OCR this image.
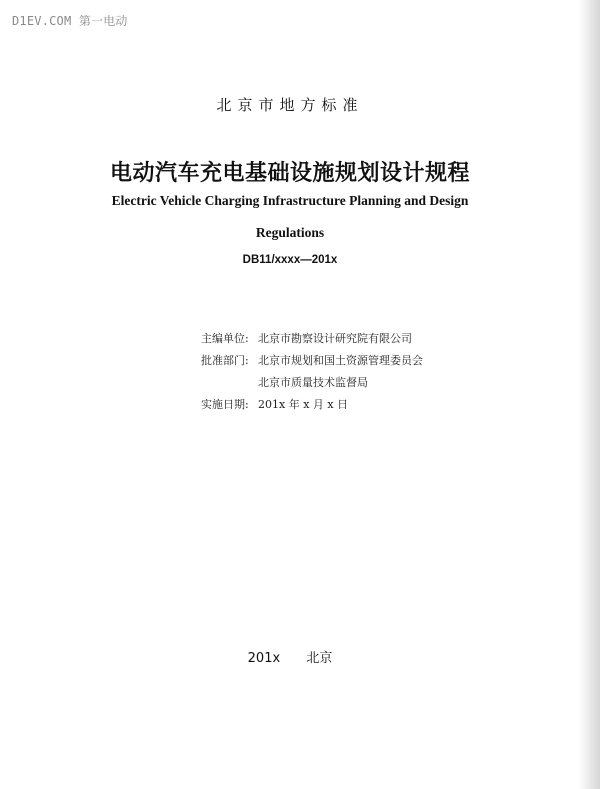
D1EV.COM 第一电动
北京市地方标准
电动汽车充电基础设施规划设计规程
Electric Vehicle Charging Infrastructure Planning and Design
Regulations
DB11/xxxx—201x
主编单位: 北京市勘察设计研究院有限公司
批准部门: 北京市规划和国土资源管理委员会
北京市质量技术监督局
实施日期: 201x 年 x 月 x 日
201x 北京
